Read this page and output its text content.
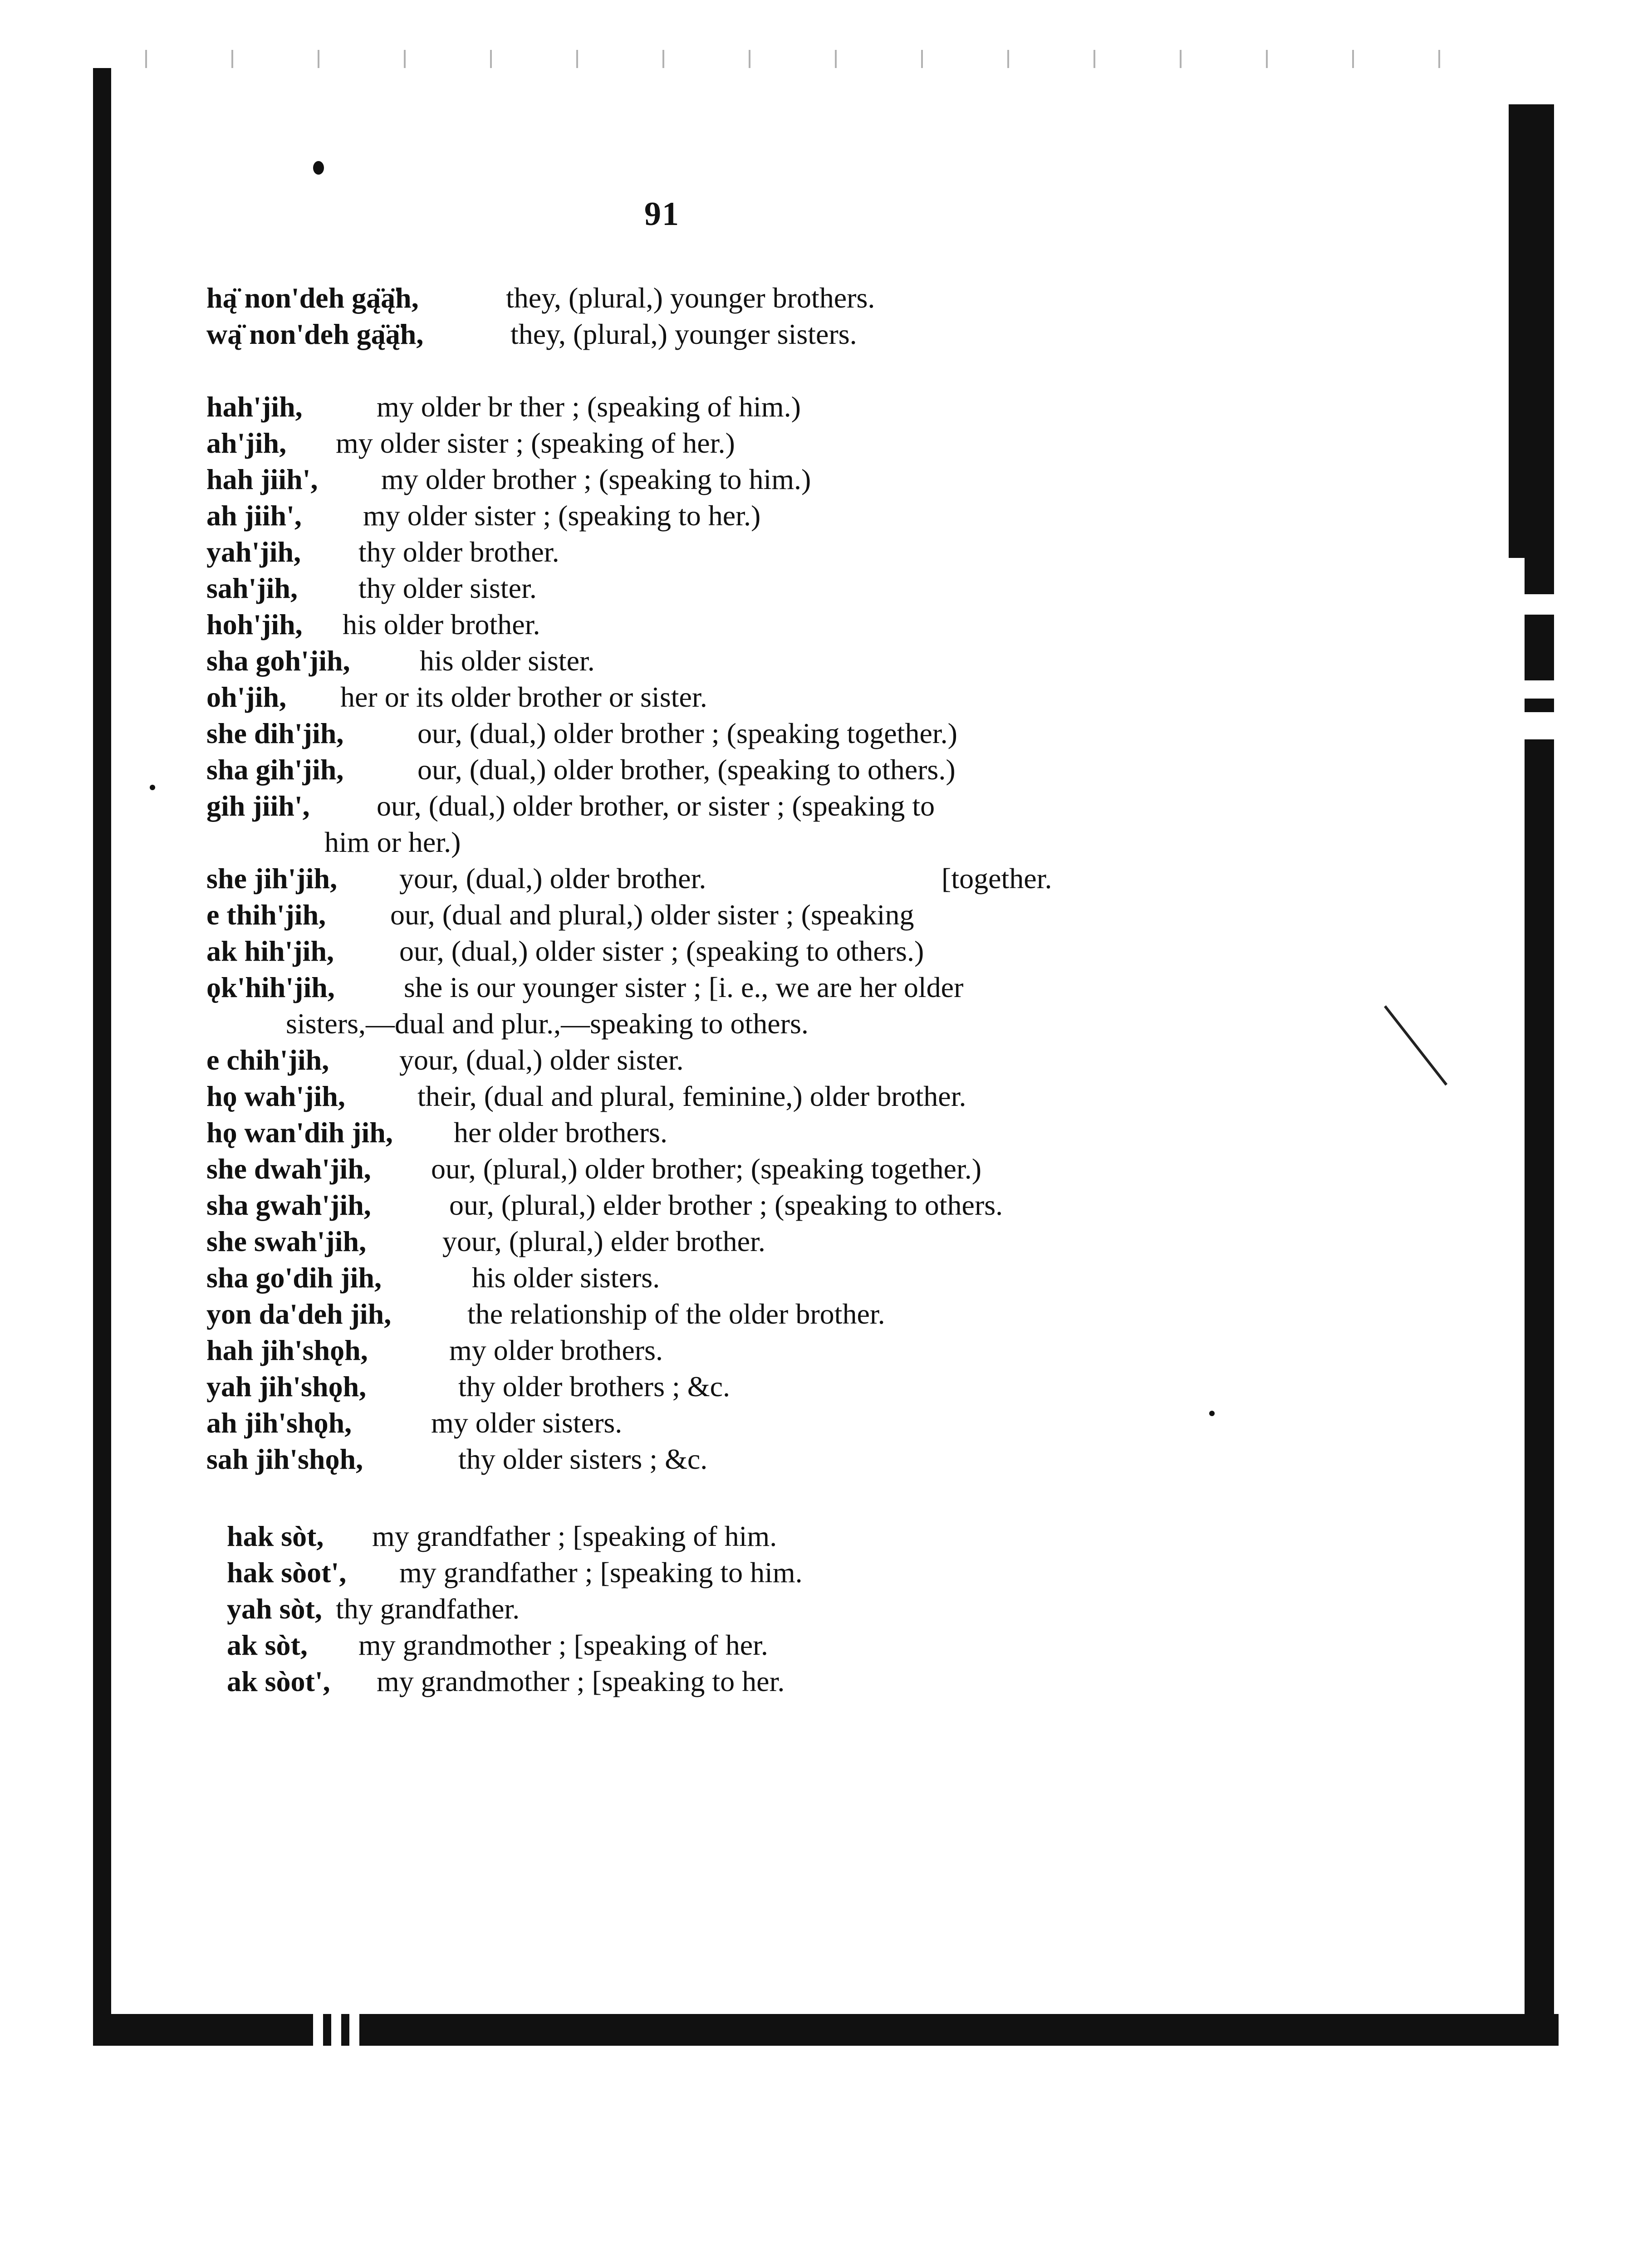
91
hą̈ non'deh gą̈ą̈h,	they, (plural,) younger brothers.
wą̈ non'deh gą̈ą̈h,	they, (plural,) younger sisters.
hah'jih,	my older br ther ; (speaking of him.)
ah'jih, my older sister ; (speaking of her.)
hah jiih', my older brother ; (speaking to him.)
ah jiih', my older sister ; (speaking to her.)
yah'jih, thy older brother.
sah'jih, thy older sister.
hoh'jih, his older brother.
sha goh'jih, his older sister.
oh'jih, her or its older brother or sister.
she dih'jih,	our, (dual,) older brother ; (speaking together.)
sha gih'jih,	our, (dual,) older brother, (speaking to others.)
gih jiih', our, (dual,) older brother, or sister ; (speaking to
him or her.)
she jih'jih, your, (dual,) older brother.	[together.
e thih'jih, our, (dual and plural,) older sister ; (speaking
ak hih'jih, our, (dual,) older sister ; (speaking to others.)
ǫk'hih'jih, she is our younger sister ; [i. e., we are her older
sisters,—dual and plur.,—speaking to others.
e chih'jih, your, (dual,) older sister.
hǫ wah'jih, their, (dual and plural, feminine,) older brother.
hǫ wan'dih jih, her older brothers.
she dwah'jih, our, (plural,) older brother; (speaking together.)
sha gwah'jih,	our, (plural,) elder brother ; (speaking to others.
she swah'jih,	your, (plural,) elder brother.
sha go'dih jih,	his older sisters.
yon da'deh jih,	the relationship of the older brother.
hah jih'shǫh,	my older brothers.
yah jih'shǫh,	thy older brothers ; &c.
ah jih'shǫh,	my older sisters.
sah jih'shǫh,	thy older sisters ; &c.
hak sòt, my grandfather ; [speaking of him.
hak sòot', my grandfather ; [speaking to him.
yah sòt, thy grandfather.
ak sòt, my grandmother ; [speaking of her.
ak sòot', my grandmother ; [speaking to her.
